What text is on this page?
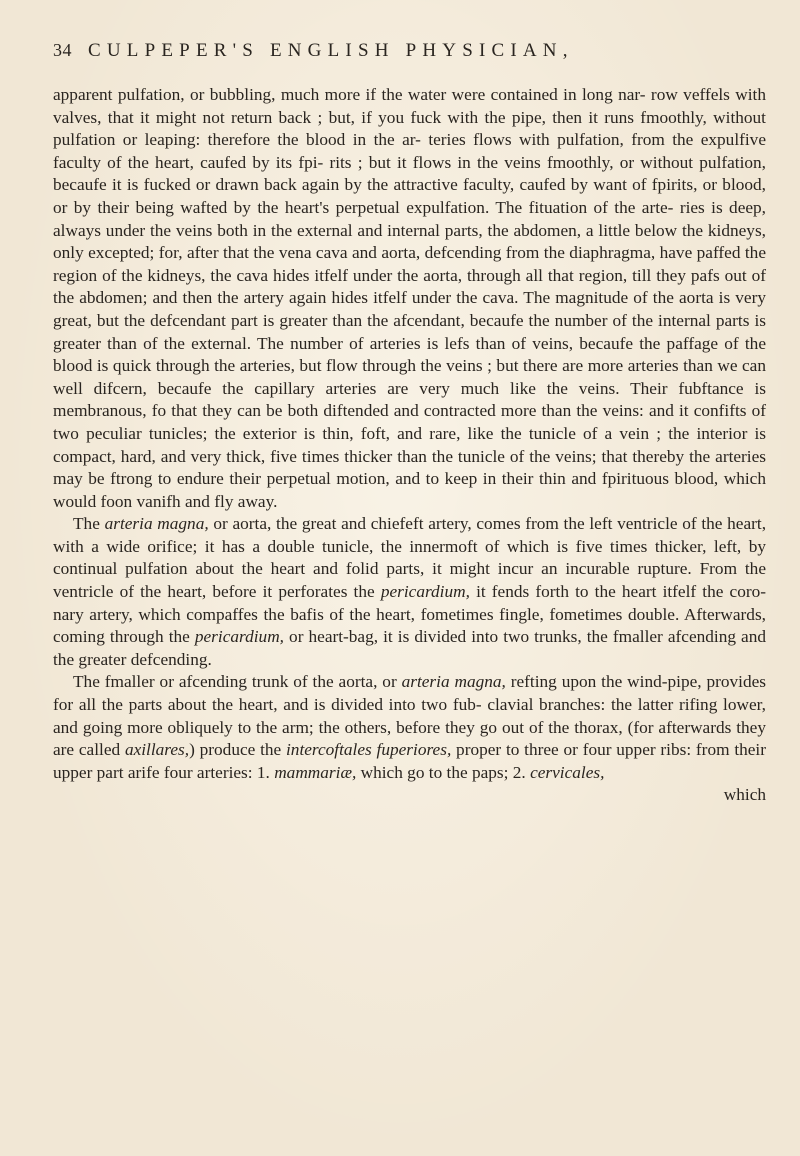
34 CULPEPER'S ENGLISH PHYSICIAN,

apparent pulfation, or bubbling, much more if the water were contained in long nar- row veffels with valves, that it might not return back ; but, if you fuck with the pipe, then it runs fmoothly, without pulfation or leaping: therefore the blood in the ar- teries flows with pulfation, from the expulfive faculty of the heart, caufed by its fpi- rits ; but it flows in the veins fmoothly, or without pulfation, becaufe it is fucked or drawn back again by the attractive faculty, caufed by want of fpirits, or blood, or by their being wafted by the heart's perpetual expulfation. The fituation of the arte- ries is deep, always under the veins both in the external and internal parts, the abdomen, a little below the kidneys, only excepted; for, after that the vena cava and aorta, defcending from the diaphragma, have paffed the region of the kidneys, the cava hides itfelf under the aorta, through all that region, till they pafs out of the abdomen; and then the artery again hides itfelf under the cava. The magnitude of the aorta is very great, but the defcendant part is greater than the afcendant, becaufe the number of the internal parts is greater than of the external. The number of arteries is lefs than of veins, becaufe the paffage of the blood is quick through the arteries, but flow through the veins ; but there are more arteries than we can well difcern, becaufe the capillary arteries are very much like the veins. Their fubftance is membranous, fo that they can be both diftended and contracted more than the veins: and it confifts of two peculiar tunicles; the exterior is thin, foft, and rare, like the tunicle of a vein ; the interior is compact, hard, and very thick, five times thicker than the tunicle of the veins; that thereby the arteries may be ftrong to endure their perpetual motion, and to keep in their thin and fpirituous blood, which would foon vanifh and fly away.

The arteria magna, or aorta, the great and chiefeft artery, comes from the left ventricle of the heart, with a wide orifice; it has a double tunicle, the innermoft of which is five times thicker, left, by continual pulfation about the heart and folid parts, it might incur an incurable rupture. From the ventricle of the heart, before it perforates the pericardium, it fends forth to the heart itfelf the coro- nary artery, which compaffes the bafis of the heart, fometimes fingle, fometimes double. Afterwards, coming through the pericardium, or heart-bag, it is divided into two trunks, the fmaller afcending and the greater defcending.

The fmaller or afcending trunk of the aorta, or arteria magna, refting upon the wind-pipe, provides for all the parts about the heart, and is divided into two fub- clavial branches: the latter rifing lower, and going more obliquely to the arm; the others, before they go out of the thorax, (for afterwards they are called axillares,) produce the intercoftales fuperiores, proper to three or four upper ribs: from their upper part arife four arteries: 1. mammariæ, which go to the paps; 2. cervicales,

which
